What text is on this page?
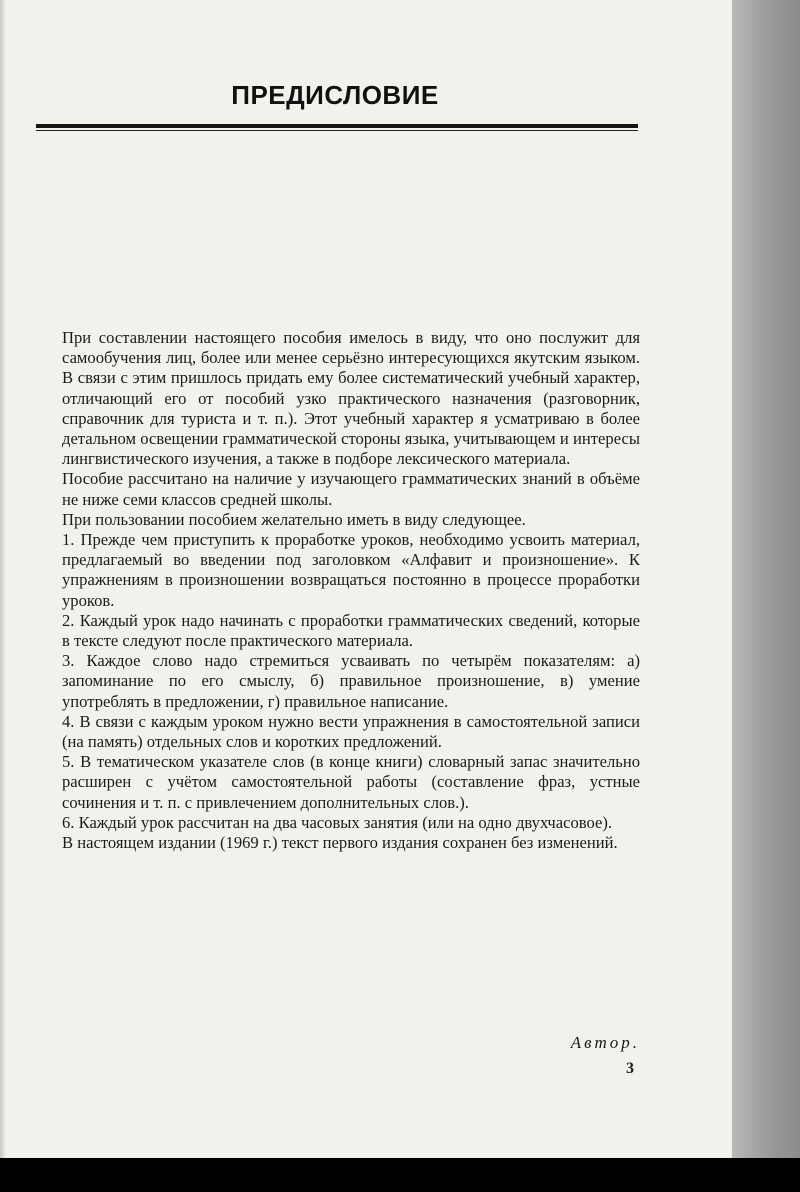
ПРЕДИСЛОВИЕ

При составлении настоящего пособия имелось в виду, что оно послужит для самообучения лиц, более или менее серьёзно интересующихся якутским языком. В связи с этим пришлось придать ему более систематический учебный характер, отличающий его от пособий узко практического назначения (разговорник, справочник для туриста и т. п.). Этот учебный характер я усматриваю в более детальном освещении грамматической стороны языка, учитывающем и интересы лингвистического изучения, а также в подборе лексического материала.

Пособие рассчитано на наличие у изучающего грамматических знаний в объёме не ниже семи классов средней школы.

При пользовании пособием желательно иметь в виду следующее.

1. Прежде чем приступить к проработке уроков, необходимо усвоить материал, предлагаемый во введении под заголовком «Алфавит и произношение». К упражнениям в произношении возвращаться постоянно в процессе проработки уроков.

2. Каждый урок надо начинать с проработки грамматических сведений, которые в тексте следуют после практического материала.

3. Каждое слово надо стремиться усваивать по четырём показателям: а) запоминание по его смыслу, б) правильное произношение, в) умение употреблять в предложении, г) правильное написание.

4. В связи с каждым уроком нужно вести упражнения в самостоятельной записи (на память) отдельных слов и коротких предложений.

5. В тематическом указателе слов (в конце книги) словарный запас значительно расширен с учётом самостоятельной работы (составление фраз, устные сочинения и т. п. с привлечением дополнительных слов.).

6. Каждый урок рассчитан на два часовых занятия (или на одно двухчасовое).

В настоящем издании (1969 г.) текст первого издания сохранен без изменений.

Автор.
3
